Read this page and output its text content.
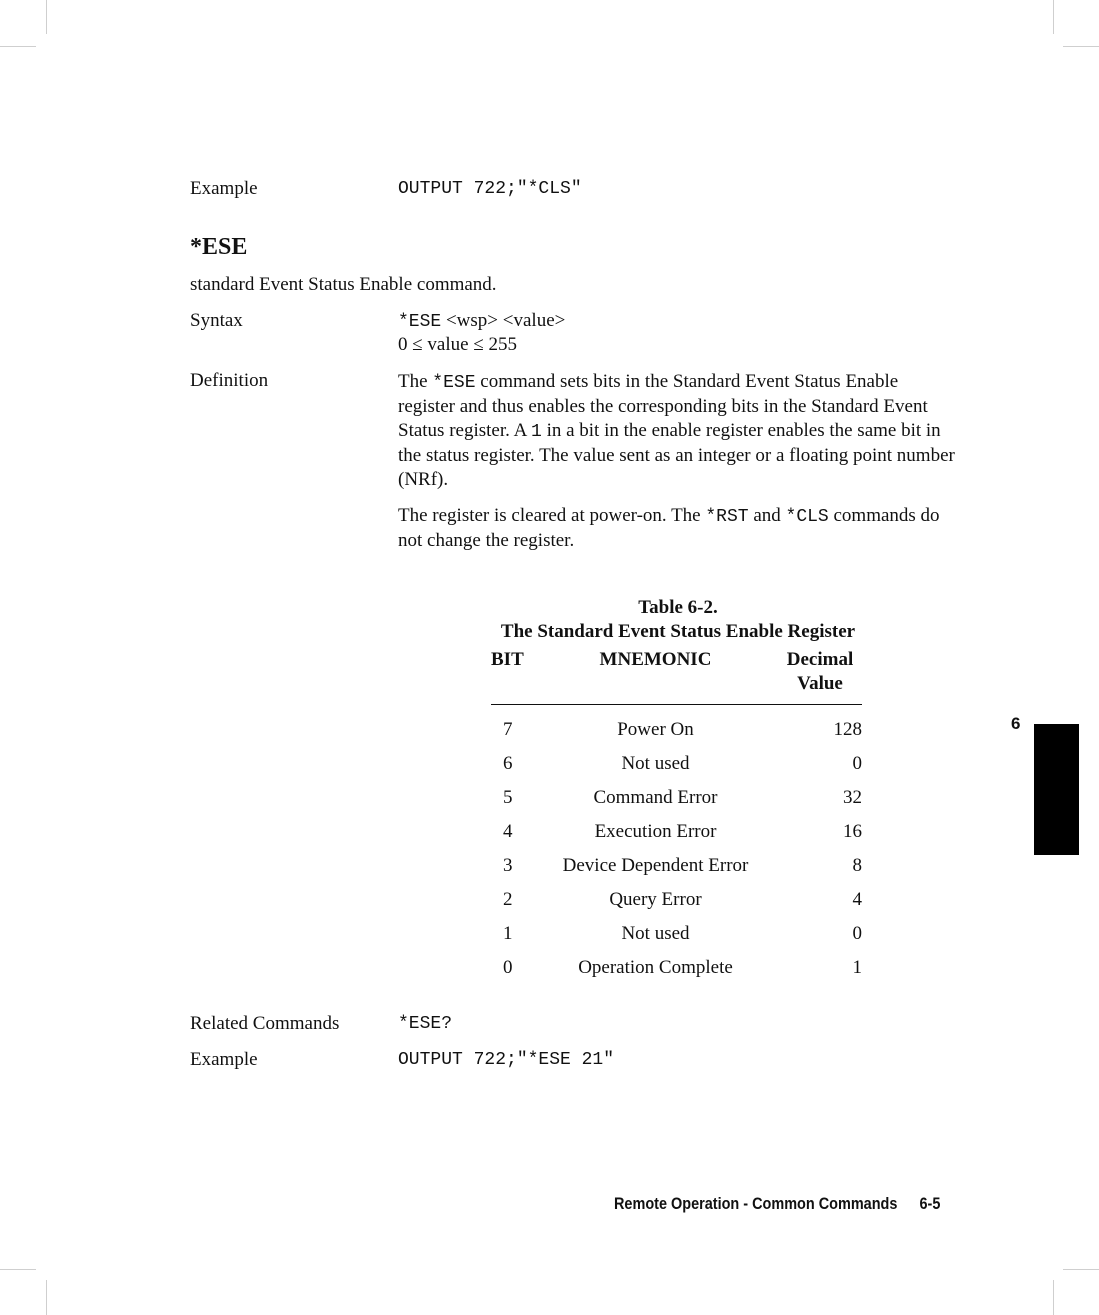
Example	OUTPUT 722;"*CLS"
*ESE
standard Event Status Enable command.
Syntax	*ESE <wsp> <value>
0 ≤ value ≤ 255
Definition	The *ESE command sets bits in the Standard Event Status Enable register and thus enables the corresponding bits in the Standard Event Status register. A 1 in a bit in the enable register enables the same bit in the status register. The value sent as an integer or a floating point number (NRf).

The register is cleared at power-on. The *RST and *CLS commands do not change the register.

Table 6-2.
The Standard Event Status Enable Register
BIT	MNEMONIC	Decimal Value

7	Power On	128
6	Not used	0
5	Command Error	32
4	Execution Error	16
3	Device Dependent Error	8
2	Query Error	4
1	Not used	0
0	Operation Complete	1
Related Commands	*ESE?
Example	OUTPUT 722;"*ESE 21"
6
Remote Operation - Common Commands 6-5
